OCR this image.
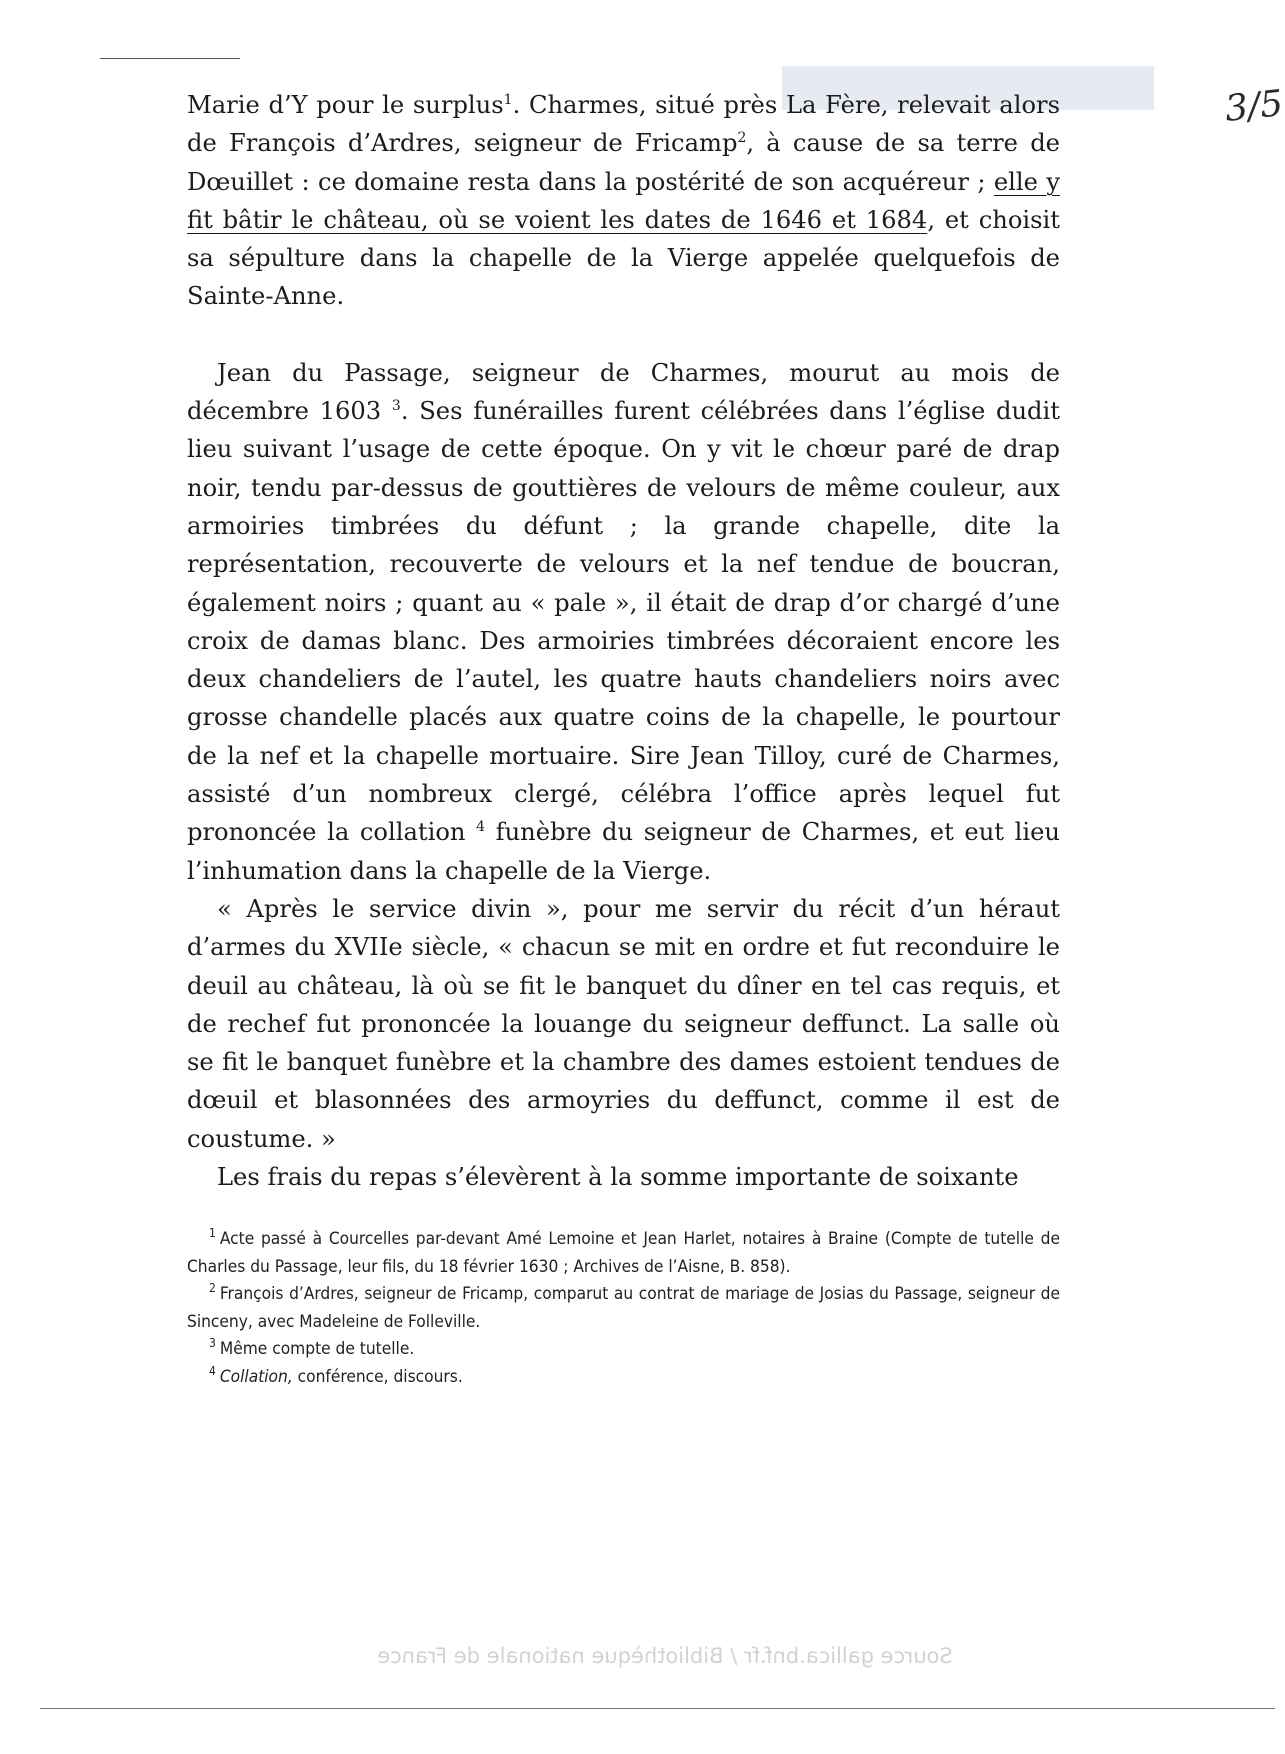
3/5

Marie d’Y pour le surplus$^1$. Charmes, situé près La Fère, relevait alors de François d’Ardres, seigneur de Fricamp$^2$, à cause de sa terre de Dœuillet : ce domaine resta dans la postérité de son acquéreur ; elle y fit bâtir le château, où se voient les dates de 1646 et 1684, et choisit sa sépulture dans la chapelle de la Vierge appelée quelquefois de Sainte-Anne.

Jean du Passage, seigneur de Charmes, mourut au mois de décembre 1603 $^3$. Ses funérailles furent célébrées dans l’église dudit lieu suivant l’usage de cette époque. On y vit le chœur paré de drap noir, tendu par-dessus de gouttières de velours de même couleur, aux armoiries timbrées du défunt ; la grande chapelle, dite la représentation, recouverte de velours et la nef tendue de boucran, également noirs ; quant au « pale », il était de drap d’or chargé d’une croix de damas blanc. Des armoiries timbrées décoraient encore les deux chandeliers de l’autel, les quatre hauts chandeliers noirs avec grosse chandelle placés aux quatre coins de la chapelle, le pourtour de la nef et la chapelle mortuaire. Sire Jean Tilloy, curé de Charmes, assisté d’un nombreux clergé, célébra l’office après lequel fut prononcée la collation $^4$ funèbre du seigneur de Charmes, et eut lieu l’inhumation dans la chapelle de la Vierge.

« Après le service divin », pour me servir du récit d’un héraut d’armes du XVIIe siècle, « chacun se mit en ordre et fut reconduire le deuil au château, là où se fit le banquet du dîner en tel cas requis, et de rechef fut prononcée la louange du seigneur deffunct. La salle où se fit le banquet funèbre et la chambre des dames estoient tendues de dœuil et blasonnées des armoyries du deffunct, comme il est de coustume. »

Les frais du repas s’élevèrent à la somme importante de soixante

$^1$ Acte passé à Courcelles par-devant Amé Lemoine et Jean Harlet, notaires à Braine (Compte de tutelle de Charles du Passage, leur fils, du 18 février 1630 ; Archives de l’Aisne, B. 858).

$^2$ François d’Ardres, seigneur de Fricamp, comparut au contrat de mariage de Josias du Passage, seigneur de Sinceny, avec Madeleine de Folleville.

$^3$ Même compte de tutelle.

$^4$ Collation, conférence, discours.

Source gallica.bnf.fr / Bibliothèque nationale de France
